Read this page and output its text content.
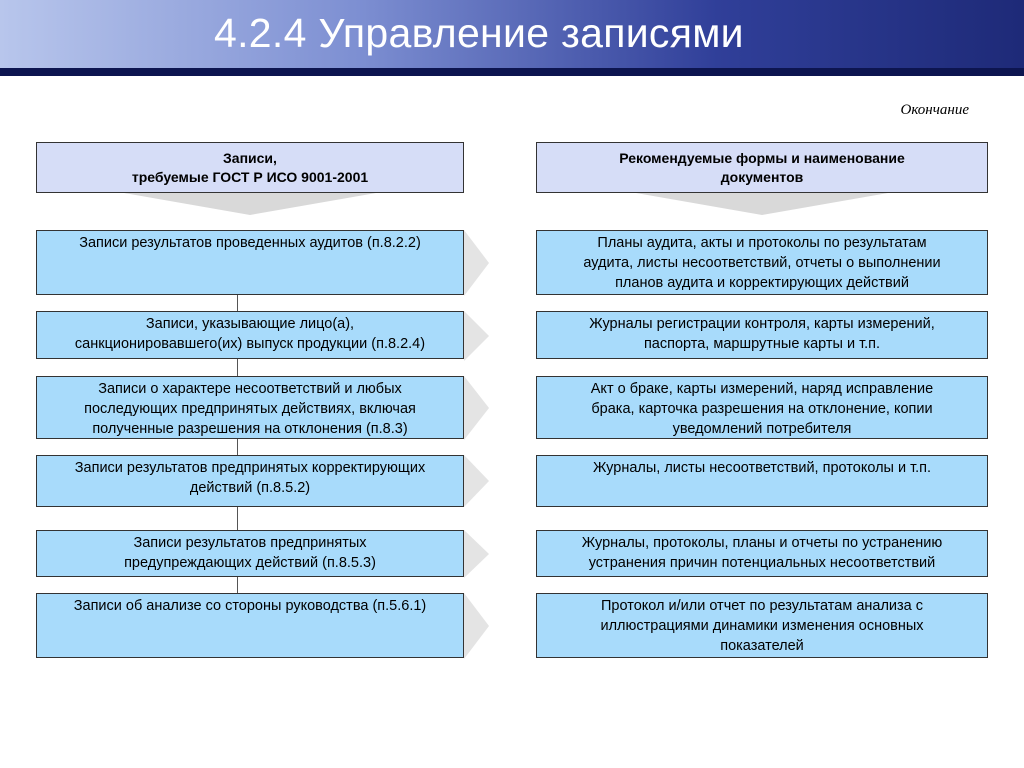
4.2.4 Управление записями
Окончание
Записи,
требуемые ГОСТ Р ИСО 9001-2001
Рекомендуемые формы и наименование
документов
Записи результатов проведенных аудитов (п.8.2.2)	Планы аудита, акты и протоколы по результатам
аудита, листы несоответствий, отчеты о выполнении
планов аудита и корректирующих действий
Записи, указывающие лицо(а),
санкционировавшего(их) выпуск продукции (п.8.2.4)
Журналы регистрации контроля, карты измерений,
паспорта, маршрутные карты и т.п.
Записи о характере несоответствий и любых
последующих предпринятых действиях, включая
полученные разрешения на отклонения (п.8.3)
Акт о браке, карты измерений, наряд исправление
брака, карточка разрешения на отклонение, копии
уведомлений потребителя
Записи результатов предпринятых корректирующих
действий (п.8.5.2)
Журналы, листы несоответствий, протоколы и т.п.
Записи результатов предпринятых
предупреждающих действий (п.8.5.3)
Журналы, протоколы, планы и отчеты по устранению
устранения причин потенциальных несоответствий
Записи об анализе со стороны руководства (п.5.6.1)	Протокол и/или отчет по результатам анализа с
иллюстрациями динамики изменения основных
показателей
